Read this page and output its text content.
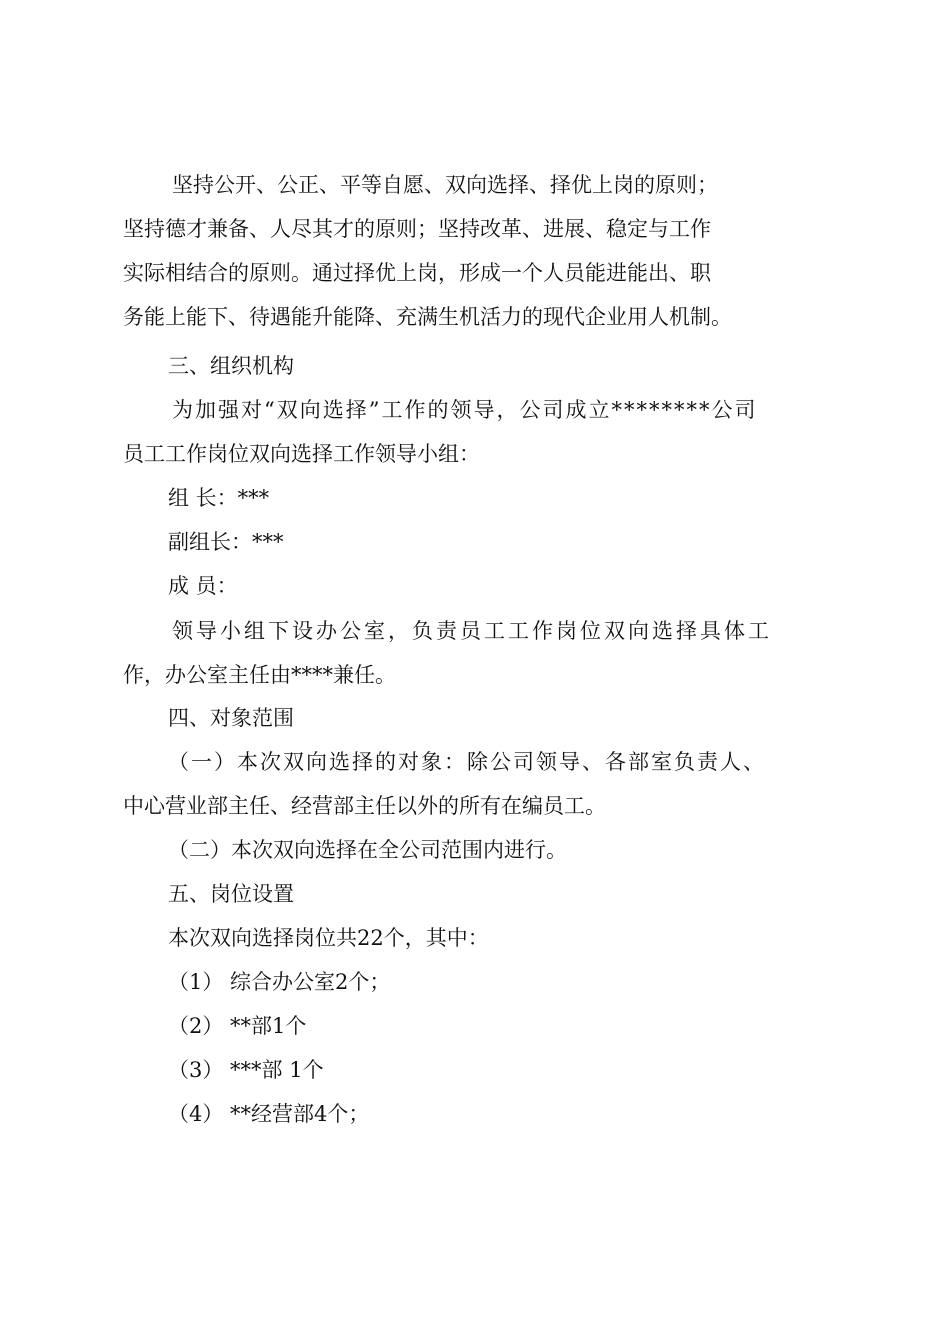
坚持公开、公正、平等自愿、双向选择、择优上岗的原则；
坚持德才兼备、人尽其才的原则；坚持改革、进展、稳定与工作
实际相结合的原则。通过择优上岗，形成一个人员能进能出、职
务能上能下、待遇能升能降、充满生机活力的现代企业用人机制。
三、组织机构
为加强对“双向选择”工作的领导，公司成立********公司
员工工作岗位双向选择工作领导小组：
组 长：***
副组长：***
成 员：
领导小组下设办公室，负责员工工作岗位双向选择具体工
作，办公室主任由****兼任。
四、对象范围
（一）本次双向选择的对象：除公司领导、各部室负责人、
中心营业部主任、经营部主任以外的所有在编员工。
（二）本次双向选择在全公司范围内进行。
五、岗位设置
本次双向选择岗位共22个，其中：
（1） 综合办公室2个；
（2） **部1个
（3） ***部 1个
（4） **经营部4个；
